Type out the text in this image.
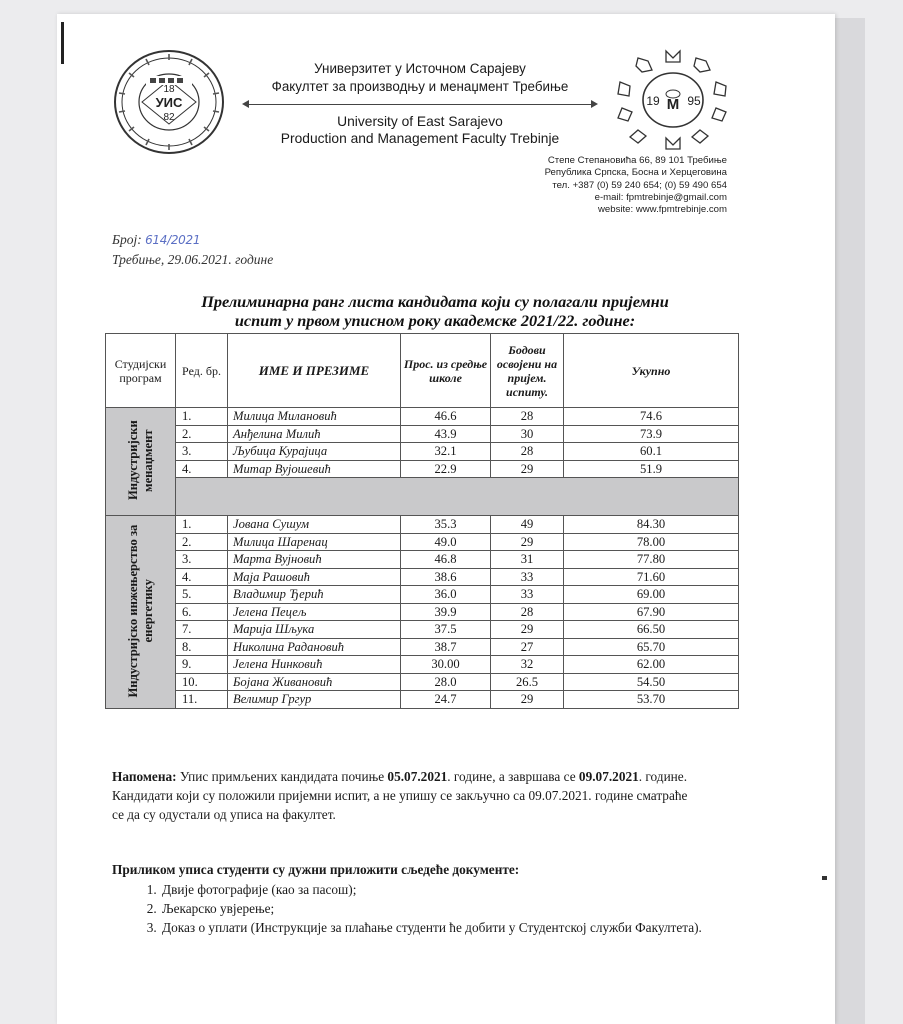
18
УИС
82
Универзитет у Источном Сарајеву
Факултет за производњу и менаџмент Требиње
University of East Sarajevo
Production and Management Faculty Trebinje
19 М 95
Степе Степановића 66, 89 101 Требиње
Република Српска, Босна и Херцеговина
тел. +387 (0) 59 240 654; (0) 59 490 654
e-mail: fpmtrebinje@gmail.com
website: www.fpmtrebinje.com
Број: 614/2021
Требиње, 29.06.2021. године
Прелиминарна ранг листа кандидата који су полагали пријемни
испит у првом уписном року академске 2021/22. године:
Студијски програм	Ред. бр.	ИМЕ И ПРЕЗИМЕ	Прос. из средње школе	Бодови освојени на пријем. испиту.	Укупно
Индустријски менаџмент	1.	Милица Милановић	46.6	28	74.6
	2.	Анђелина Милић	43.9	30	73.9
	3.	Љубица Курајица	32.1	28	60.1
	4.	Митар Вујошевић	22.9	29	51.9

Индустријско инжењерство за енергетику	1.	Јована Сушум	35.3	49	84.30
	2.	Милица Шаренац	49.0	29	78.00
	3.	Марта Вујновић	46.8	31	77.80
	4.	Маја Рашовић	38.6	33	71.60
	5.	Владимир Ђерић	36.0	33	69.00
	6.	Јелена Пецељ	39.9	28	67.90
	7.	Марија Шљука	37.5	29	66.50
	8.	Николина Радановић	38.7	27	65.70
	9.	Јелена Нинковић	30.00	32	62.00
	10.	Бојана Живановић	28.0	26.5	54.50
	11.	Велимир Гргур	24.7	29	53.70
Напомена: Упис примљених кандидата почиње 05.07.2021. године, а завршава се 09.07.2021. године. Кандидати који су положили пријемни испит, а не упишу се закључно са 09.07.2021. године сматраће се да су одустали од уписа на факултет.
Приликом уписа студенти су дужни приложити сљедеће документе:
1. Двије фотографије (као за пасош);
2. Љекарско увјерење;
3. Доказ о уплати (Инструкције за плаћање студенти ће добити у Студентској служби Факултета).
